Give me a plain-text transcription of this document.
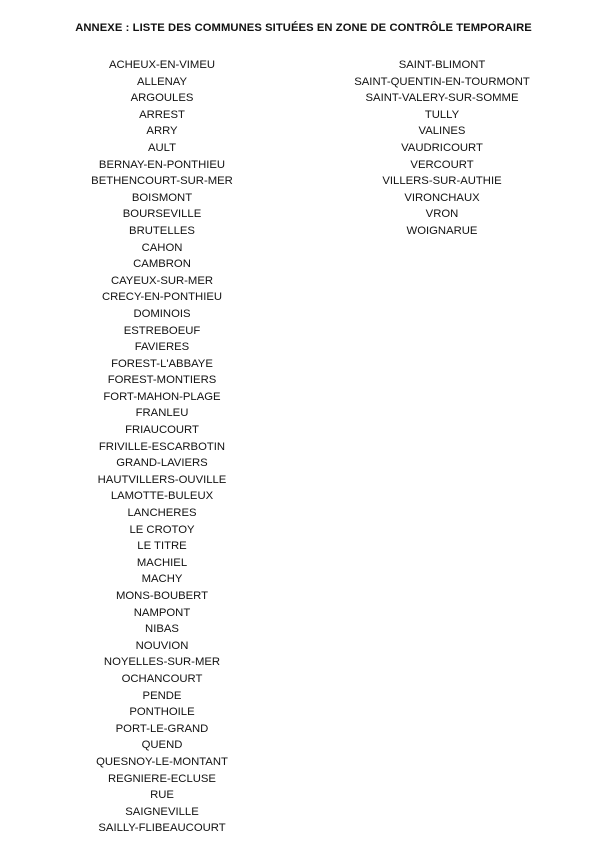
ANNEXE : LISTE DES COMMUNES SITUÉES EN ZONE DE CONTRÔLE TEMPORAIRE
ACHEUX-EN-VIMEU
ALLENAY
ARGOULES
ARREST
ARRY
AULT
BERNAY-EN-PONTHIEU
BETHENCOURT-SUR-MER
BOISMONT
BOURSEVILLE
BRUTELLES
CAHON
CAMBRON
CAYEUX-SUR-MER
CRECY-EN-PONTHIEU
DOMINOIS
ESTREBOEUF
FAVIERES
FOREST-L'ABBAYE
FOREST-MONTIERS
FORT-MAHON-PLAGE
FRANLEU
FRIAUCOURT
FRIVILLE-ESCARBOTIN
GRAND-LAVIERS
HAUTVILLERS-OUVILLE
LAMOTTE-BULEUX
LANCHERES
LE CROTOY
LE TITRE
MACHIEL
MACHY
MONS-BOUBERT
NAMPONT
NIBAS
NOUVION
NOYELLES-SUR-MER
OCHANCOURT
PENDE
PONTHOILE
PORT-LE-GRAND
QUEND
QUESNOY-LE-MONTANT
REGNIERE-ECLUSE
RUE
SAIGNEVILLE
SAILLY-FLIBEAUCOURT
SAINT-BLIMONT
SAINT-QUENTIN-EN-TOURMONT
SAINT-VALERY-SUR-SOMME
TULLY
VALINES
VAUDRICOURT
VERCOURT
VILLERS-SUR-AUTHIE
VIRONCHAUX
VRON
WOIGNARUE
